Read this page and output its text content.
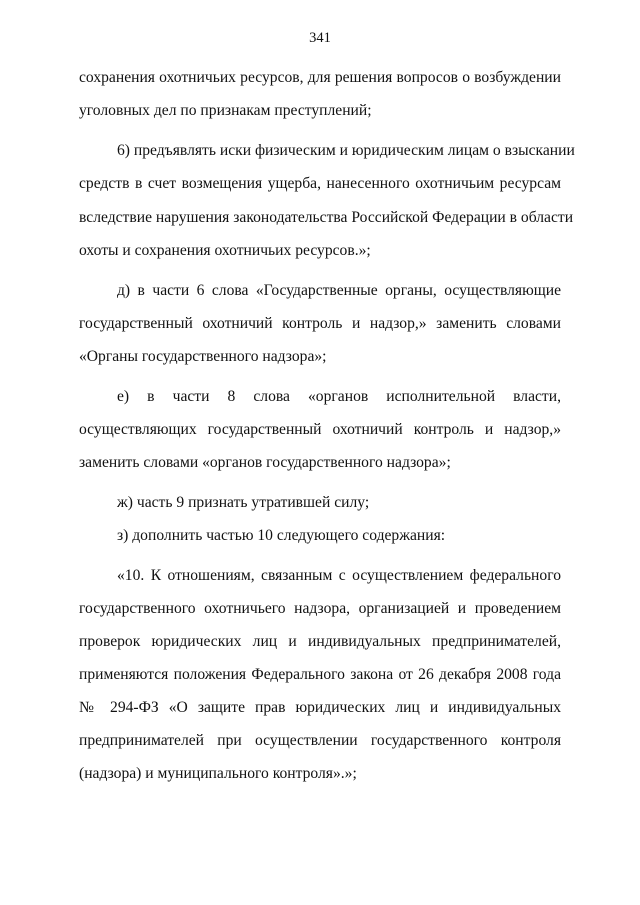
341
сохранения охотничьих ресурсов, для решения вопросов о возбуждении
уголовных дел по признакам преступлений;
6) предъявлять иски физическим и юридическим лицам о взыскании
средств в счет возмещения ущерба, нанесенного охотничьим ресурсам
вследствие нарушения законодательства Российской Федерации в области
охоты и сохранения охотничьих ресурсов.»;
д) в части 6 слова «Государственные органы, осуществляющие
государственный охотничий контроль и надзор,» заменить словами
«Органы государственного надзора»;
е) в части 8 слова «органов исполнительной власти,
осуществляющих государственный охотничий контроль и надзор,»
заменить словами «органов государственного надзора»;
ж) часть 9 признать утратившей силу;
з) дополнить частью 10 следующего содержания:
«10. К отношениям, связанным с осуществлением федерального
государственного охотничьего надзора, организацией и проведением
проверок юридических лиц и индивидуальных предпринимателей,
применяются положения Федерального закона от 26 декабря 2008 года
№ 294-ФЗ «О защите прав юридических лиц и индивидуальных
предпринимателей при осуществлении государственного контроля
(надзора) и муниципального контроля».»;
